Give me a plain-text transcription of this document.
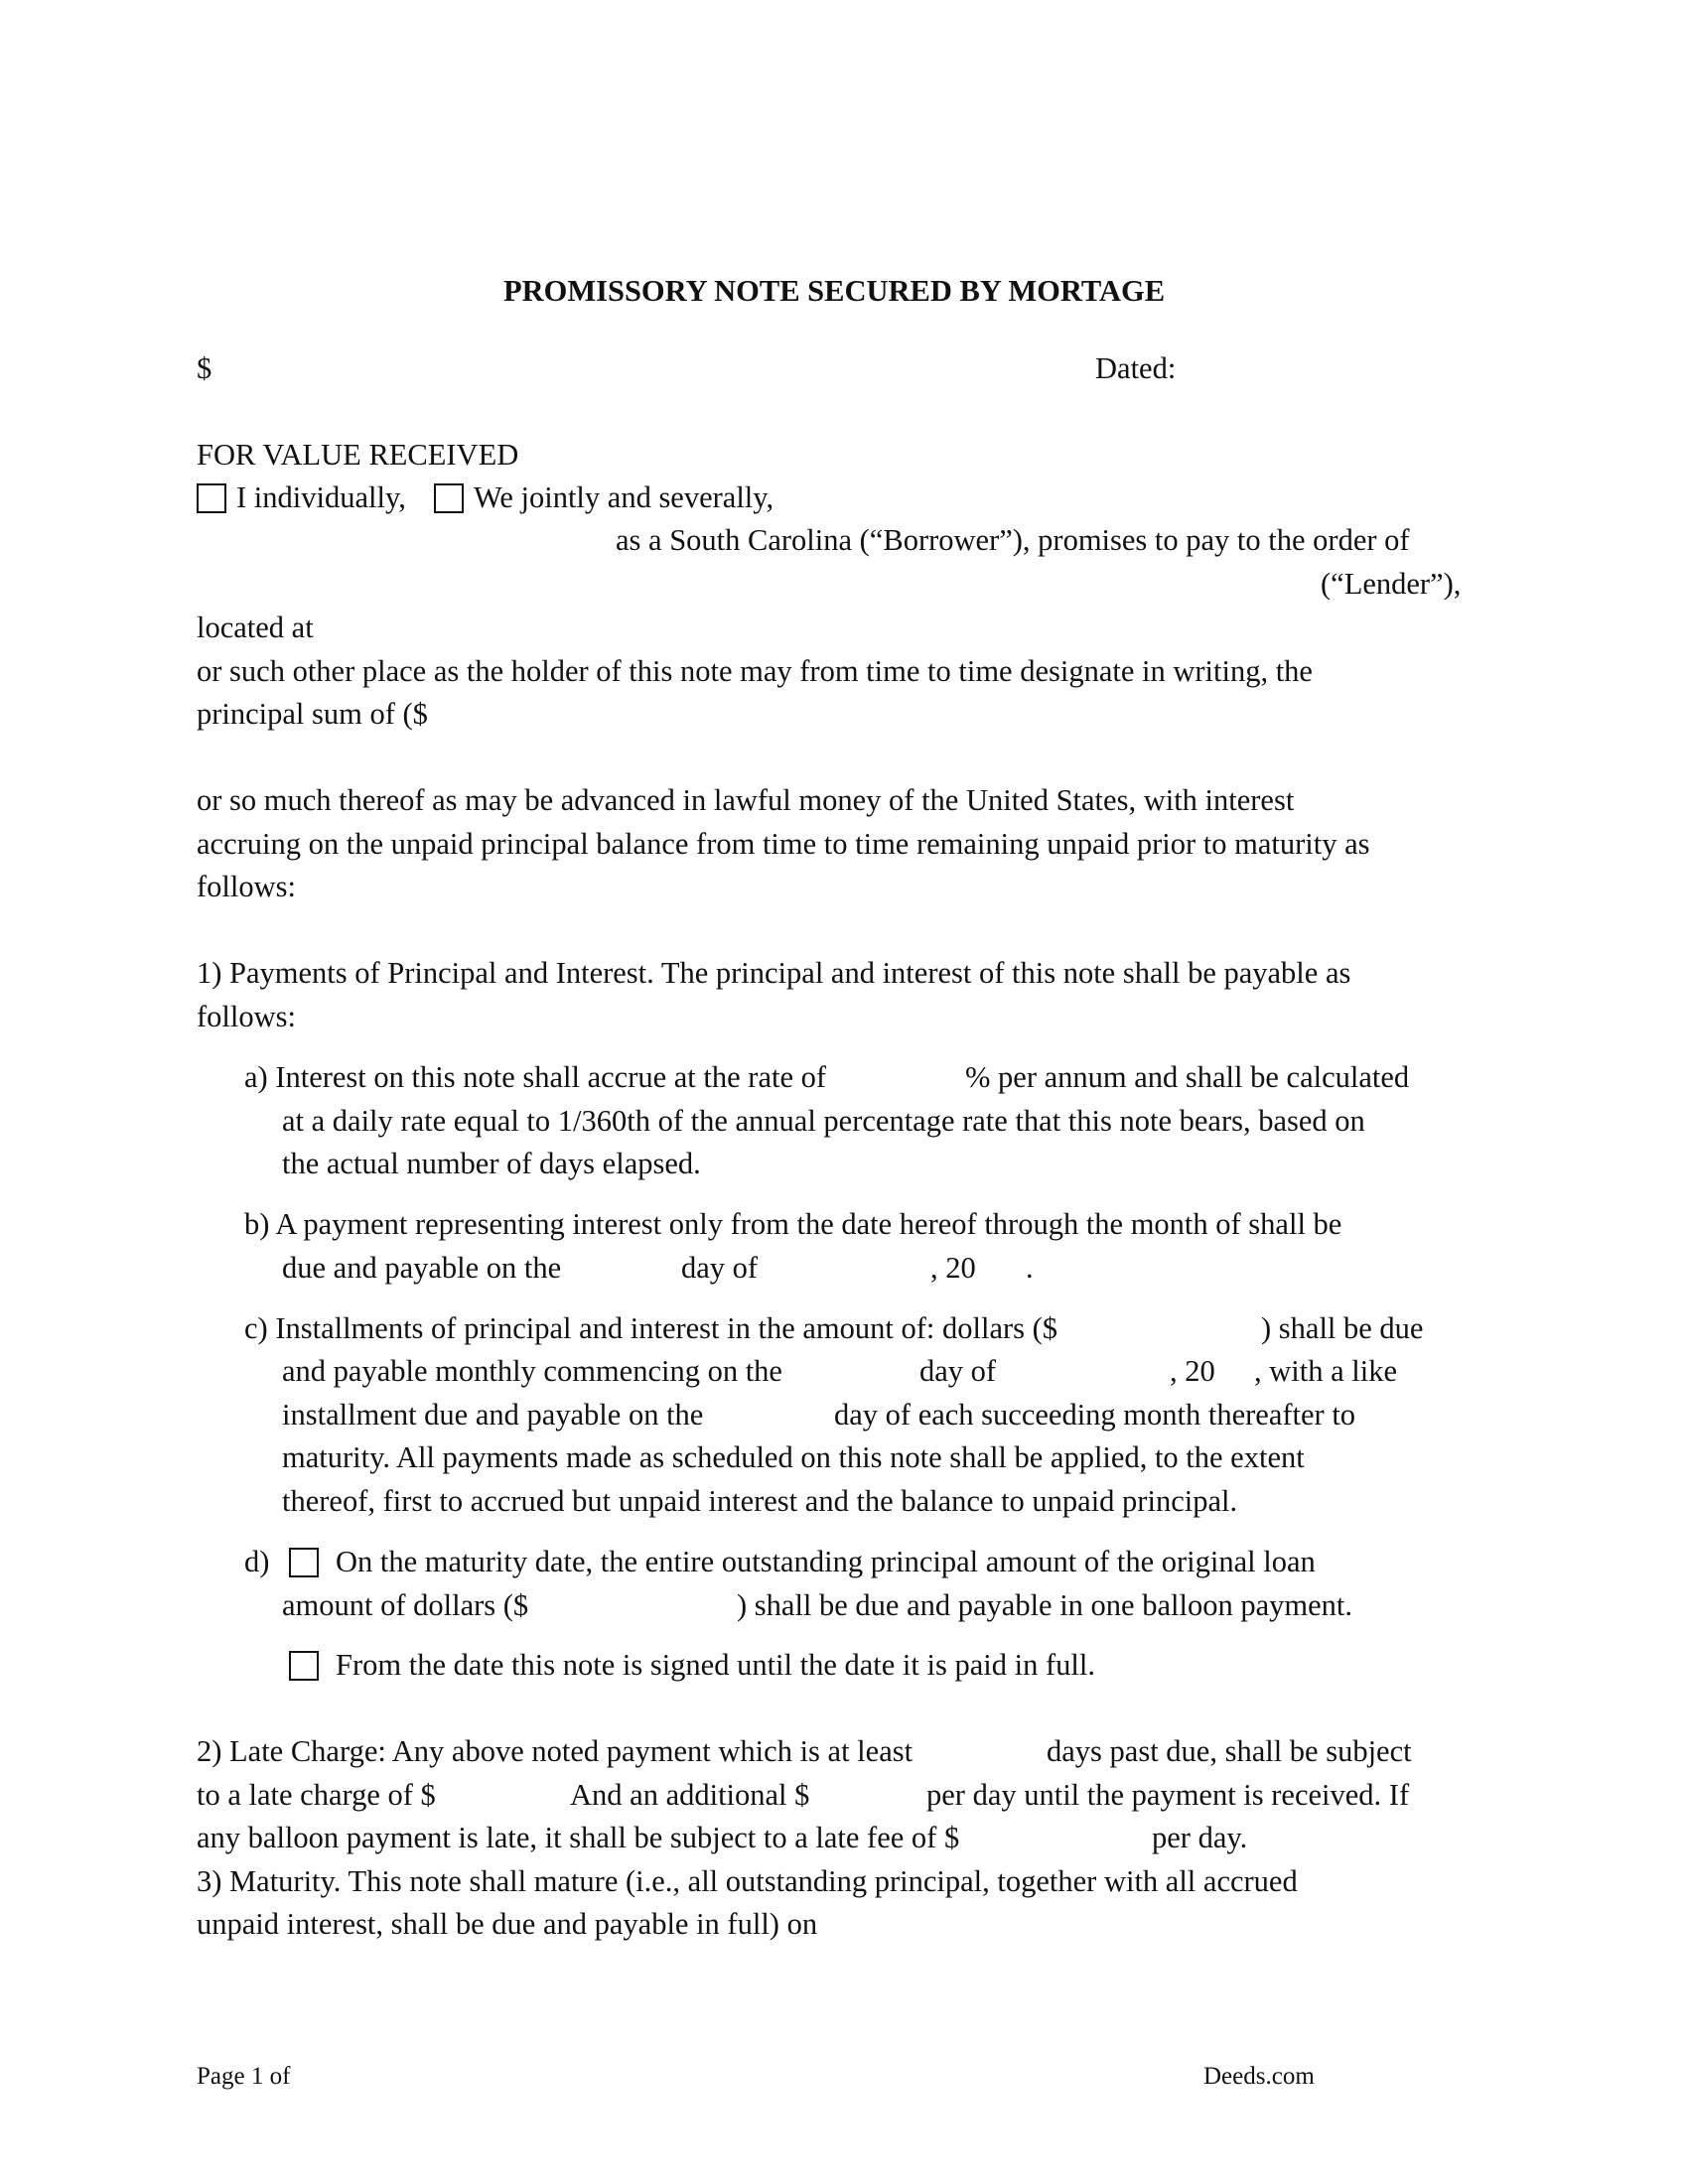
PROMISSORY NOTE SECURED BY MORTAGE
$	Dated:
FOR VALUE RECEIVED
I individually, We jointly and severally,
as a South Carolina (“Borrower”), promises to pay to the order of
(“Lender”),
located at
or such other place as the holder of this note may from time to time designate in writing, the
principal sum of ($
or so much thereof as may be advanced in lawful money of the United States, with interest
accruing on the unpaid principal balance from time to time remaining unpaid prior to maturity as
follows:
1) Payments of Principal and Interest. The principal and interest of this note shall be payable as
follows:
a) Interest on this note shall accrue at the rate of	% per annum and shall be calculated
at a daily rate equal to 1/360th of the annual percentage rate that this note bears, based on
the actual number of days elapsed.
b) A payment representing interest only from the date hereof through the month of shall be
due and payable on the	day of	, 20 .
c) Installments of principal and interest in the amount of: dollars ($	) shall be due
and payable monthly commencing on the	day of	, 20 , with a like
installment due and payable on the	day of each succeeding month thereafter to
maturity. All payments made as scheduled on this note shall be applied, to the extent
thereof, first to accrued but unpaid interest and the balance to unpaid principal.
d) On the maturity date, the entire outstanding principal amount of the original loan
amount of dollars ($	) shall be due and payable in one balloon payment.
From the date this note is signed until the date it is paid in full.
2) Late Charge: Any above noted payment which is at least	days past due, shall be subject
to a late charge of $	And an additional $	per day until the payment is received. If
any balloon payment is late, it shall be subject to a late fee of $	per day.
3) Maturity. This note shall mature (i.e., all outstanding principal, together with all accrued
unpaid interest, shall be due and payable in full) on
Page 1 of	Deeds.com
